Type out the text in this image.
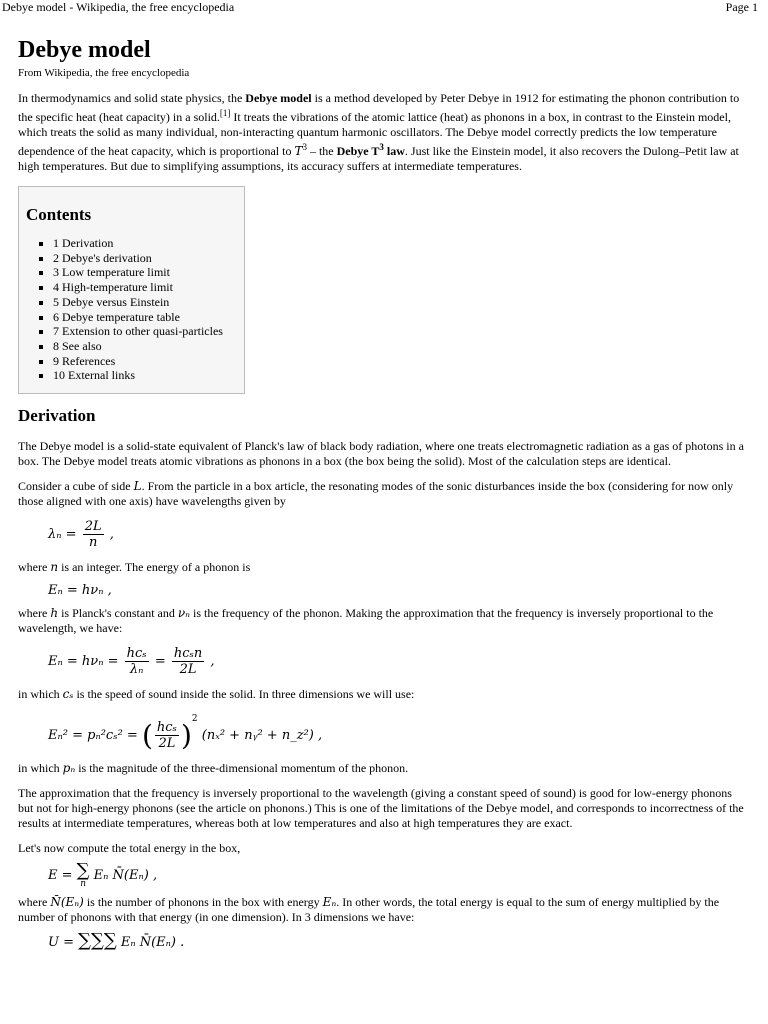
Debye model - Wikipedia, the free encyclopedia	Page 1
Debye model
From Wikipedia, the free encyclopedia

In thermodynamics and solid state physics, the Debye model is a method developed by Peter Debye in 1912 for estimating the phonon contribution to the specific heat (heat capacity) in a solid.[1] It treats the vibrations of the atomic lattice (heat) as phonons in a box, in contrast to the Einstein model, which treats the solid as many individual, non-interacting quantum harmonic oscillators. The Debye model correctly predicts the low temperature dependence of the heat capacity, which is proportional to $T^3$ – the Debye $T^3$ law. Just like the Einstein model, it also recovers the Dulong–Petit law at high temperatures. But due to simplifying assumptions, its accuracy suffers at intermediate temperatures.

Contents
▪ 1 Derivation
▪ 2 Debye's derivation
▪ 3 Low temperature limit
▪ 4 High-temperature limit
▪ 5 Debye versus Einstein
▪ 6 Debye temperature table
▪ 7 Extension to other quasi-particles
▪ 8 See also
▪ 9 References
▪ 10 External links
Derivation

The Debye model is a solid-state equivalent of Planck's law of black body radiation, where one treats electromagnetic radiation as a gas of photons in a box. The Debye model treats atomic vibrations as phonons in a box (the box being the solid). Most of the calculation steps are identical.

Consider a cube of side L. From the particle in a box article, the resonating modes of the sonic disturbances inside the box (considering for now only those aligned with one axis) have wavelengths given by

$\lambda_n = \frac{2L}{n}$ ,

where n is an integer. The energy of a phonon is

Eₙ = hνₙ ,

where h is Planck's constant and νₙ is the frequency of the phonon. Making the approximation that the frequency is inversely proportional to the wavelength, we have:

$E_n = h\nu_n = \frac{\text{hcₛ}}{\text{λₙ}} = \frac{\text{hcₛn}}{2L}$ ,

in which cₛ is the speed of sound inside the solid. In three dimensions we will use:

Eₙ² = pₙ²cₛ² = ( $\frac{\text{hcₛ}}{2L} )^2$ (nₓ² + nᵧ² + n_z²) ,

in which pₙ is the magnitude of the three-dimensional momentum of the phonon.

The approximation that the frequency is inversely proportional to the wavelength (giving a constant speed of sound) is good for low-energy phonons but not for high-energy phonons (see the article on phonons.) This is one of the limitations of the Debye model, and corresponds to incorrectness of the results at intermediate temperatures, whereas both at low temperatures and also at high temperatures they are exact.

Let's now compute the total energy in the box,

E = ∑
n
Eₙ N̄(Eₙ) ,

where N̄(Eₙ) is the number of phonons in the box with energy Eₙ. In other words, the total energy is equal to the sum of energy multiplied by the number of phonons with that energy (in one dimension). In 3 dimensions we have:

U = ∑∑∑ Eₙ N̄(Eₙ) .
